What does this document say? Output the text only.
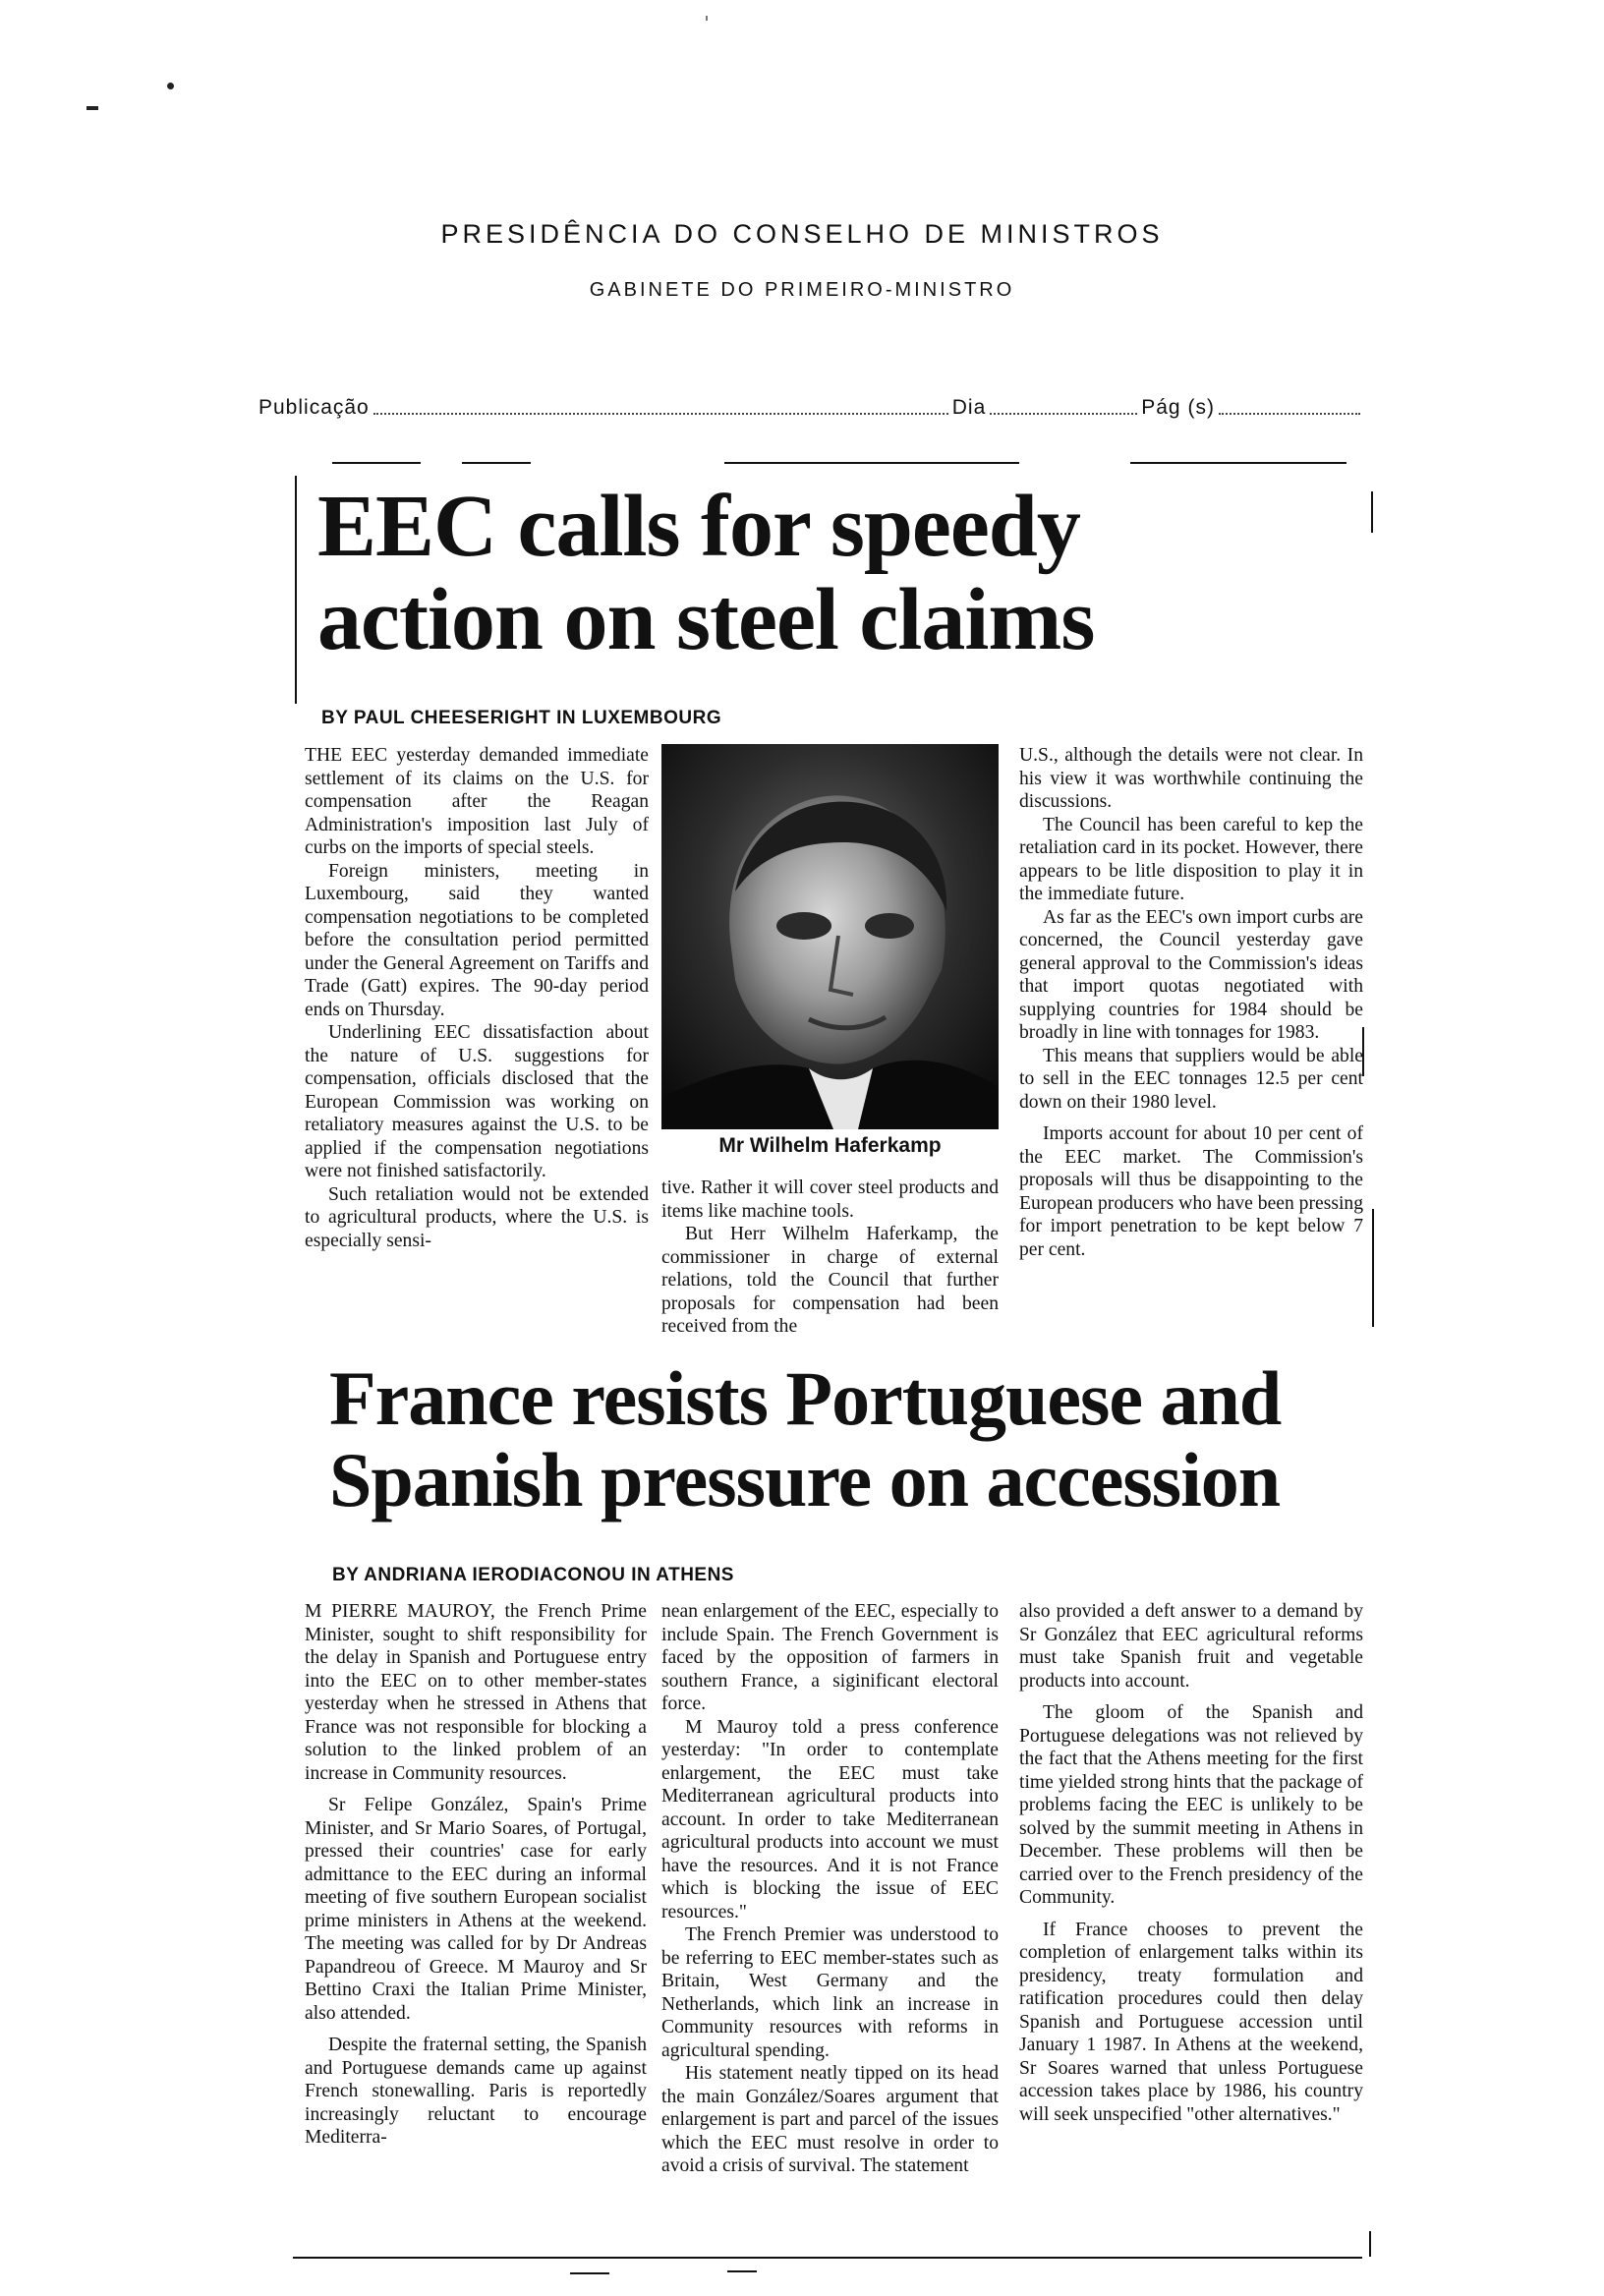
PRESIDÊNCIA DO CONSELHO DE MINISTROS
GABINETE DO PRIMEIRO-MINISTRO
Publicação	Dia	Pág (s)
EEC calls for speedy
action on steel claims
BY PAUL CHEESERIGHT IN LUXEMBOURG

THE EEC yesterday demanded immediate settlement of its claims on the U.S. for compensation after the Reagan Administration's imposition last July of curbs on the imports of special steels.

Foreign ministers, meeting in Luxembourg, said they wanted compensation negotiations to be completed before the consultation period permitted under the General Agreement on Tariffs and Trade (Gatt) expires. The 90-day period ends on Thursday.

Underlining EEC dissatisfaction about the nature of U.S. suggestions for compensation, officials disclosed that the European Commission was working on retaliatory measures against the U.S. to be applied if the compensation negotiations were not finished satisfactorily.

Such retaliation would not be extended to agricultural products, where the U.S. is especially sensi-

Mr Wilhelm Haferkamp

tive. Rather it will cover steel products and items like machine tools.

But Herr Wilhelm Haferkamp, the commissioner in charge of external relations, told the Council that further proposals for compensation had been received from the

U.S., although the details were not clear. In his view it was worthwhile continuing the discussions.

The Council has been careful to kep the retaliation card in its pocket. However, there appears to be litle disposition to play it in the immediate future.

As far as the EEC's own import curbs are concerned, the Council yesterday gave general approval to the Commission's ideas that import quotas negotiated with supplying countries for 1984 should be broadly in line with tonnages for 1983.

This means that suppliers would be able to sell in the EEC tonnages 12.5 per cent down on their 1980 level.

Imports account for about 10 per cent of the EEC market. The Commission's proposals will thus be disappointing to the European producers who have been pressing for import penetration to be kept below 7 per cent.

France resists Portuguese and
Spanish pressure on accession
BY ANDRIANA IERODIACONOU IN ATHENS

M PIERRE MAUROY, the French Prime Minister, sought to shift responsibility for the delay in Spanish and Portuguese entry into the EEC on to other member-states yesterday when he stressed in Athens that France was not responsible for blocking a solution to the linked problem of an increase in Community resources.

Sr Felipe González, Spain's Prime Minister, and Sr Mario Soares, of Portugal, pressed their countries' case for early admittance to the EEC during an informal meeting of five southern European socialist prime ministers in Athens at the weekend. The meeting was called for by Dr Andreas Papandreou of Greece. M Mauroy and Sr Bettino Craxi the Italian Prime Minister, also attended.

Despite the fraternal setting, the Spanish and Portuguese demands came up against French stonewalling. Paris is reportedly increasingly reluctant to encourage Mediterra-

nean enlargement of the EEC, especially to include Spain. The French Government is faced by the opposition of farmers in southern France, a siginificant electoral force.

M Mauroy told a press conference yesterday: "In order to contemplate enlargement, the EEC must take Mediterranean agricultural products into account. In order to take Mediterranean agricultural products into account we must have the resources. And it is not France which is blocking the issue of EEC resources."

The French Premier was understood to be referring to EEC member-states such as Britain, West Germany and the Netherlands, which link an increase in Community resources with reforms in agricultural spending.

His statement neatly tipped on its head the main González/Soares argument that enlargement is part and parcel of the issues which the EEC must resolve in order to avoid a crisis of survival. The statement

also provided a deft answer to a demand by Sr González that EEC agricultural reforms must take Spanish fruit and vegetable products into account.

The gloom of the Spanish and Portuguese delegations was not relieved by the fact that the Athens meeting for the first time yielded strong hints that the package of problems facing the EEC is unlikely to be solved by the summit meeting in Athens in December. These problems will then be carried over to the French presidency of the Community.

If France chooses to prevent the completion of enlargement talks within its presidency, treaty formulation and ratification procedures could then delay Spanish and Portuguese accession until January 1 1987. In Athens at the weekend, Sr Soares warned that unless Portuguese accession takes place by 1986, his country will seek unspecified "other alternatives."
